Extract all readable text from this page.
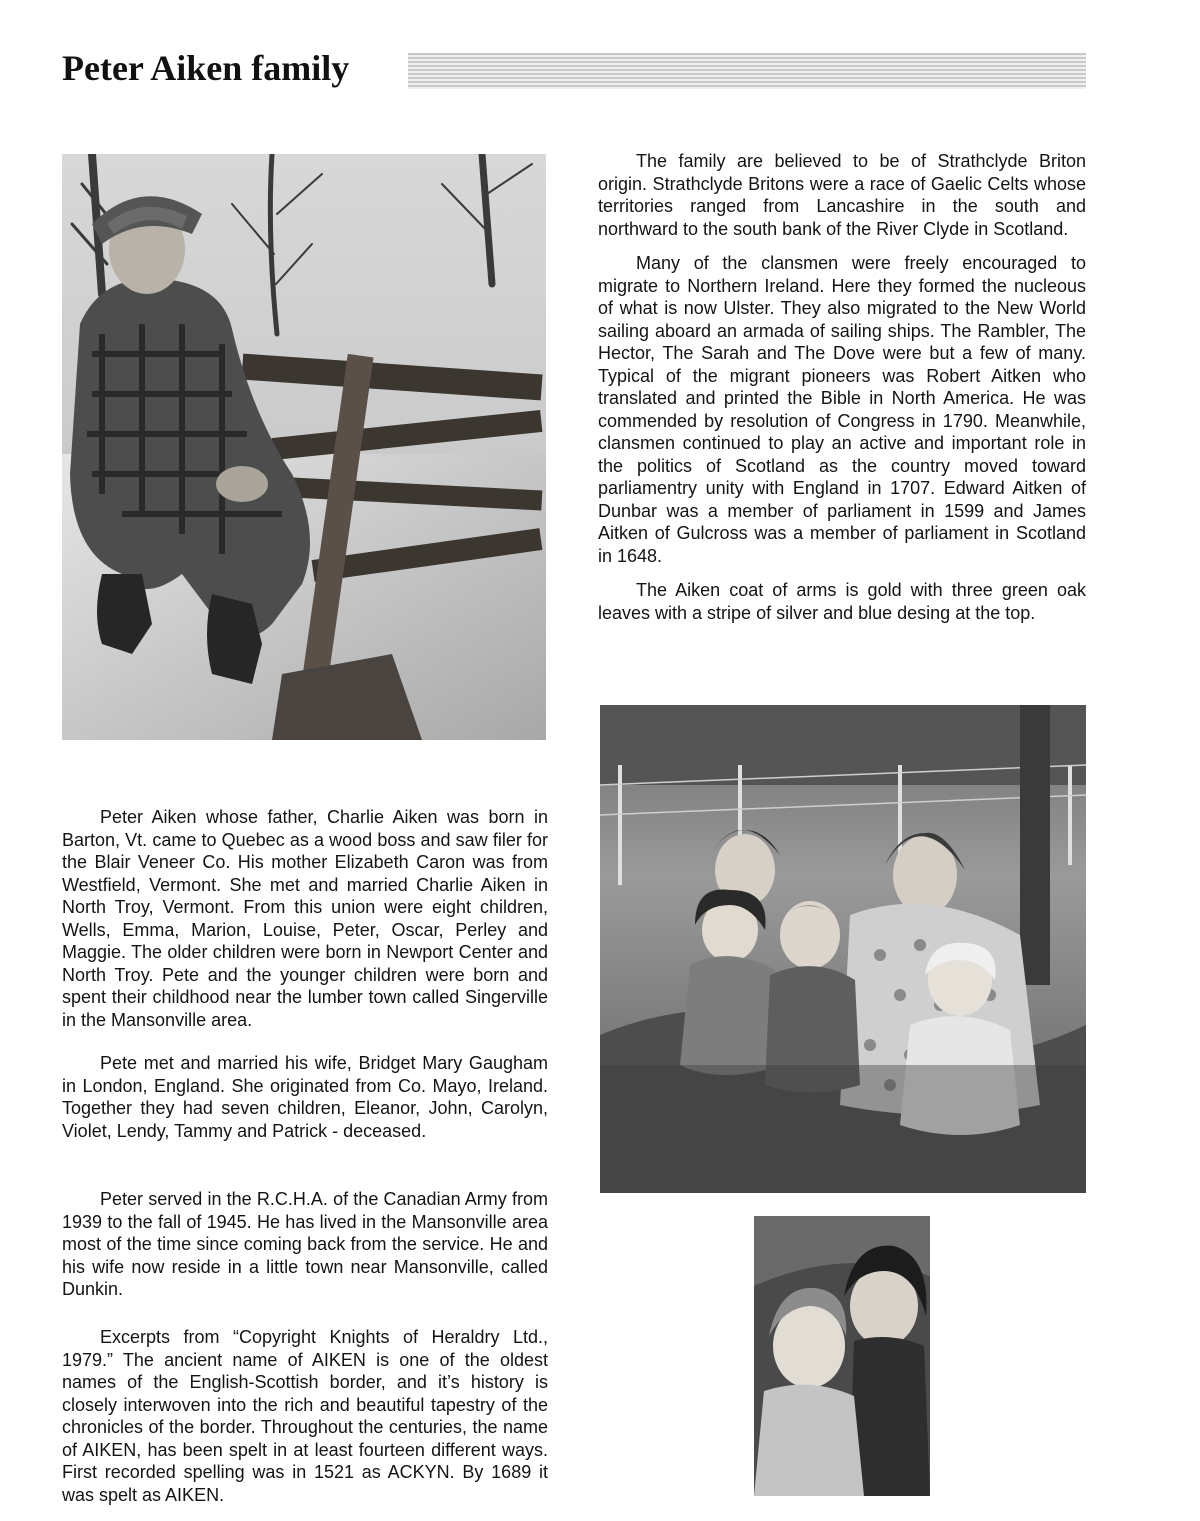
Peter Aiken family

The family are believed to be of Strathclyde Briton origin. Strathclyde Britons were a race of Gaelic Celts whose territories ranged from Lancashire in the south and northward to the south bank of the River Clyde in Scotland.

Many of the clansmen were freely encouraged to migrate to Northern Ireland. Here they formed the nucleous of what is now Ulster. They also migrated to the New World sailing aboard an armada of sailing ships. The Rambler, The Hector, The Sarah and The Dove were but a few of many. Typical of the migrant pioneers was Robert Aitken who translated and printed the Bible in North America. He was commended by resolution of Congress in 1790. Meanwhile, clansmen continued to play an active and important role in the politics of Scotland as the country moved toward parliamentry unity with England in 1707. Edward Aitken of Dunbar was a member of parliament in 1599 and James Aitken of Gulcross was a member of parliament in Scotland in 1648.

The Aiken coat of arms is gold with three green oak leaves with a stripe of silver and blue desing at the top.

Peter Aiken whose father, Charlie Aiken was born in Barton, Vt. came to Quebec as a wood boss and saw filer for the Blair Veneer Co. His mother Elizabeth Caron was from Westfield, Vermont. She met and married Charlie Aiken in North Troy, Vermont. From this union were eight children, Wells, Emma, Marion, Louise, Peter, Oscar, Perley and Maggie. The older children were born in Newport Center and North Troy. Pete and the younger children were born and spent their childhood near the lumber town called Singerville in the Mansonville area.

Pete met and married his wife, Bridget Mary Gaugham in London, England. She originated from Co. Mayo, Ireland. Together they had seven children, Eleanor, John, Carolyn, Violet, Lendy, Tammy and Patrick - deceased.

Peter served in the R.C.H.A. of the Canadian Army from 1939 to the fall of 1945. He has lived in the Mansonville area most of the time since coming back from the service. He and his wife now reside in a little town near Mansonville, called Dunkin.

Excerpts from “Copyright Knights of Heraldry Ltd., 1979.” The ancient name of AIKEN is one of the oldest names of the English-Scottish border, and it’s history is closely interwoven into the rich and beautiful tapestry of the chronicles of the border. Throughout the centuries, the name of AIKEN, has been spelt in at least fourteen different ways. First recorded spelling was in 1521 as ACKYN. By 1689 it was spelt as AIKEN.
